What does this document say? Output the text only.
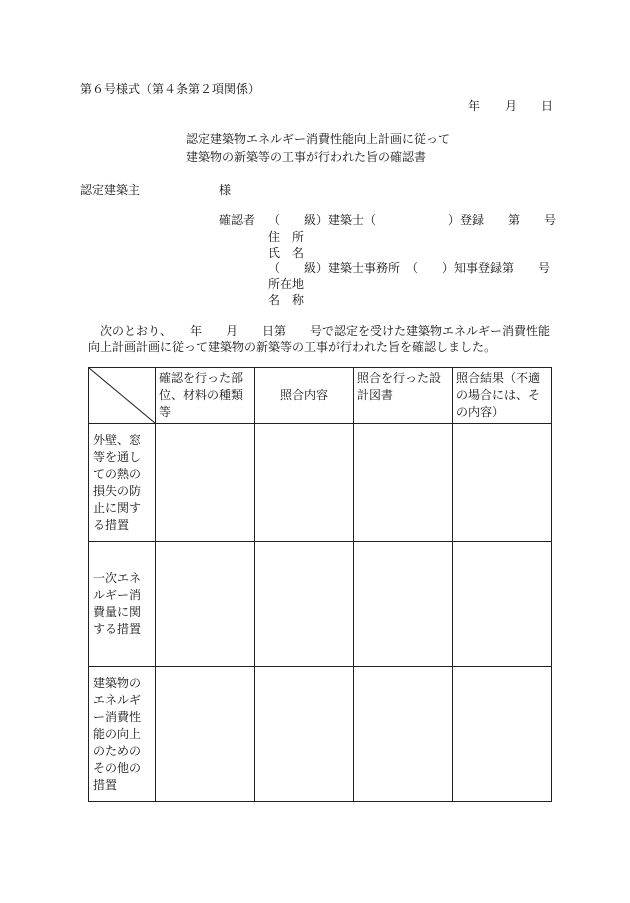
第６号様式（第４条第２項関係）
年 月 日
認定建築物エネルギー消費性能向上計画に従って
建築物の新築等の工事が行われた旨の確認書
認定建築主	様
確認者 （　　級）建築士（　　　　　　）登録　　第　　号
住　所
氏　名
（　　級）建築士事務所　（　　）知事登録第　　号
所在地
名　称
次のとおり、　　年　　月　　日第　　号で認定を受けた建築物エネルギー消費性能
向上計画計画に従って建築物の新築等の工事が行われた旨を確認しました。
	確認を行った部位、材料の種類等	照合内容	照合を行った設計図書	照合結果（不適の場合には、その内容）
外壁、窓等を通しての熱の損失の防止に関する措置				
一次エネルギー消費量に関する措置				
建築物のエネルギー消費性能の向上のためのその他の措置				
